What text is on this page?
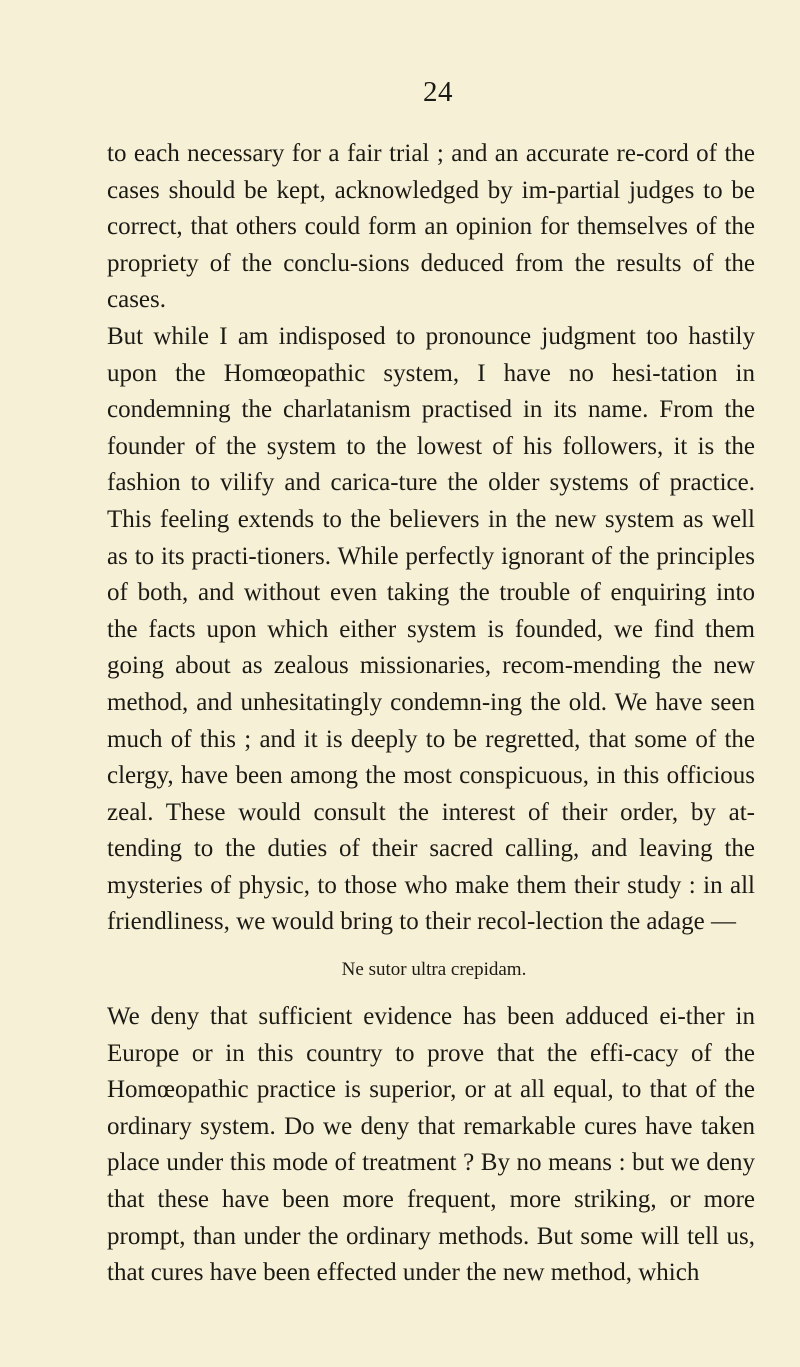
24

to each necessary for a fair trial ; and an accurate re-cord of the cases should be kept, acknowledged by im-partial judges to be correct, that others could form an opinion for themselves of the propriety of the conclu-sions deduced from the results of the cases.

But while I am indisposed to pronounce judgment too hastily upon the Homœopathic system, I have no hesi-tation in condemning the charlatanism practised in its name. From the founder of the system to the lowest of his followers, it is the fashion to vilify and carica-ture the older systems of practice. This feeling extends to the believers in the new system as well as to its practi-tioners. While perfectly ignorant of the principles of both, and without even taking the trouble of enquiring into the facts upon which either system is founded, we find them going about as zealous missionaries, recom-mending the new method, and unhesitatingly condemn-ing the old. We have seen much of this ; and it is deeply to be regretted, that some of the clergy, have been among the most conspicuous, in this officious zeal. These would consult the interest of their order, by at-tending to the duties of their sacred calling, and leaving the mysteries of physic, to those who make them their study : in all friendliness, we would bring to their recol-lection the adage —

Ne sutor ultra crepidam.

We deny that sufficient evidence has been adduced ei-ther in Europe or in this country to prove that the effi-cacy of the Homœopathic practice is superior, or at all equal, to that of the ordinary system. Do we deny that remarkable cures have taken place under this mode of treatment ? By no means : but we deny that these have been more frequent, more striking, or more prompt, than under the ordinary methods. But some will tell us, that cures have been effected under the new method, which
